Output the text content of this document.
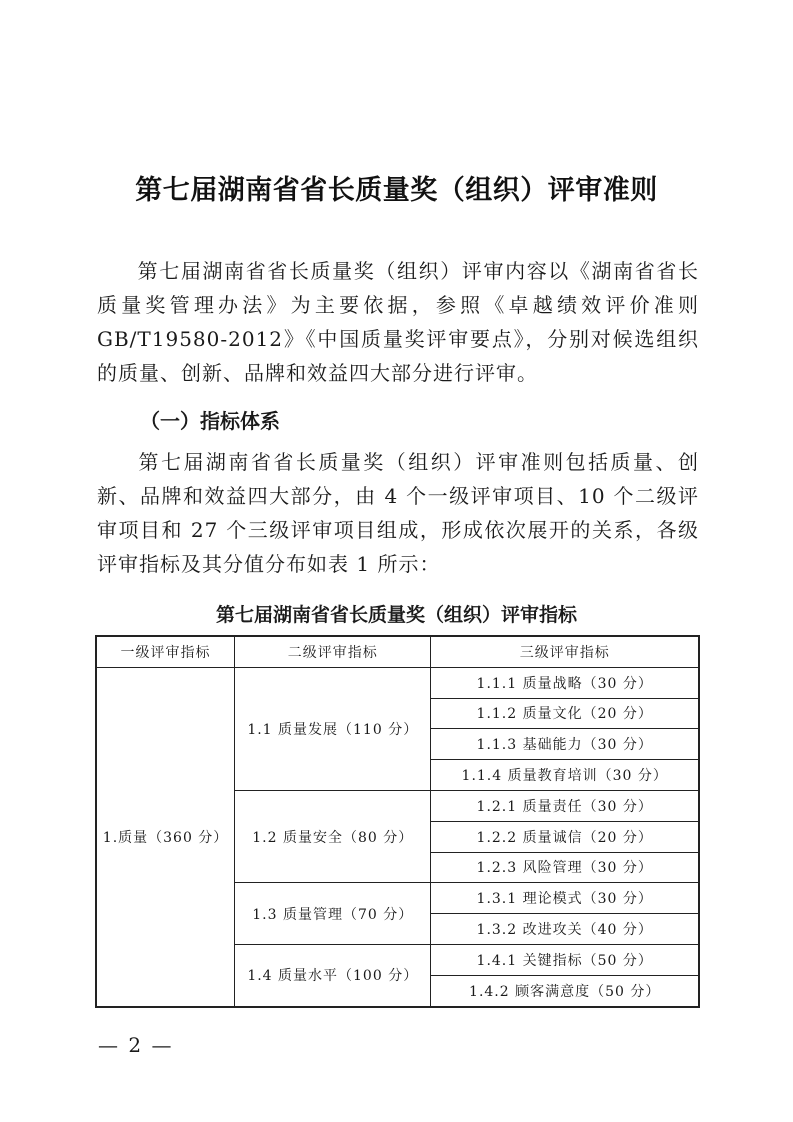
第七届湖南省省长质量奖（组织）评审准则
第七届湖南省省长质量奖（组织）评审内容以《湖南省省长质量奖管理办法》为主要依据，参照《卓越绩效评价准则GB/T19580-2012》《中国质量奖评审要点》，分别对候选组织的质量、创新、品牌和效益四大部分进行评审。
（一）指标体系
第七届湖南省省长质量奖（组织）评审准则包括质量、创新、品牌和效益四大部分，由 4 个一级评审项目、10 个二级评审项目和 27 个三级评审项目组成，形成依次展开的关系，各级评审指标及其分值分布如表 1 所示：
第七届湖南省省长质量奖（组织）评审指标
一级评审指标	二级评审指标	三级评审指标
1.质量（360 分）	1.1 质量发展（110 分）	1.1.1 质量战略（30 分）
		1.1.2 质量文化（20 分）
		1.1.3 基础能力（30 分）
		1.1.4 质量教育培训（30 分）
	1.2 质量安全（80 分）	1.2.1 质量责任（30 分）
		1.2.2 质量诚信（20 分）
		1.2.3 风险管理（30 分）
	1.3 质量管理（70 分）	1.3.1 理论模式（30 分）
		1.3.2 改进攻关（40 分）
	1.4 质量水平（100 分）	1.4.1 关键指标（50 分）
		1.4.2 顾客满意度（50 分）
— 2 —
